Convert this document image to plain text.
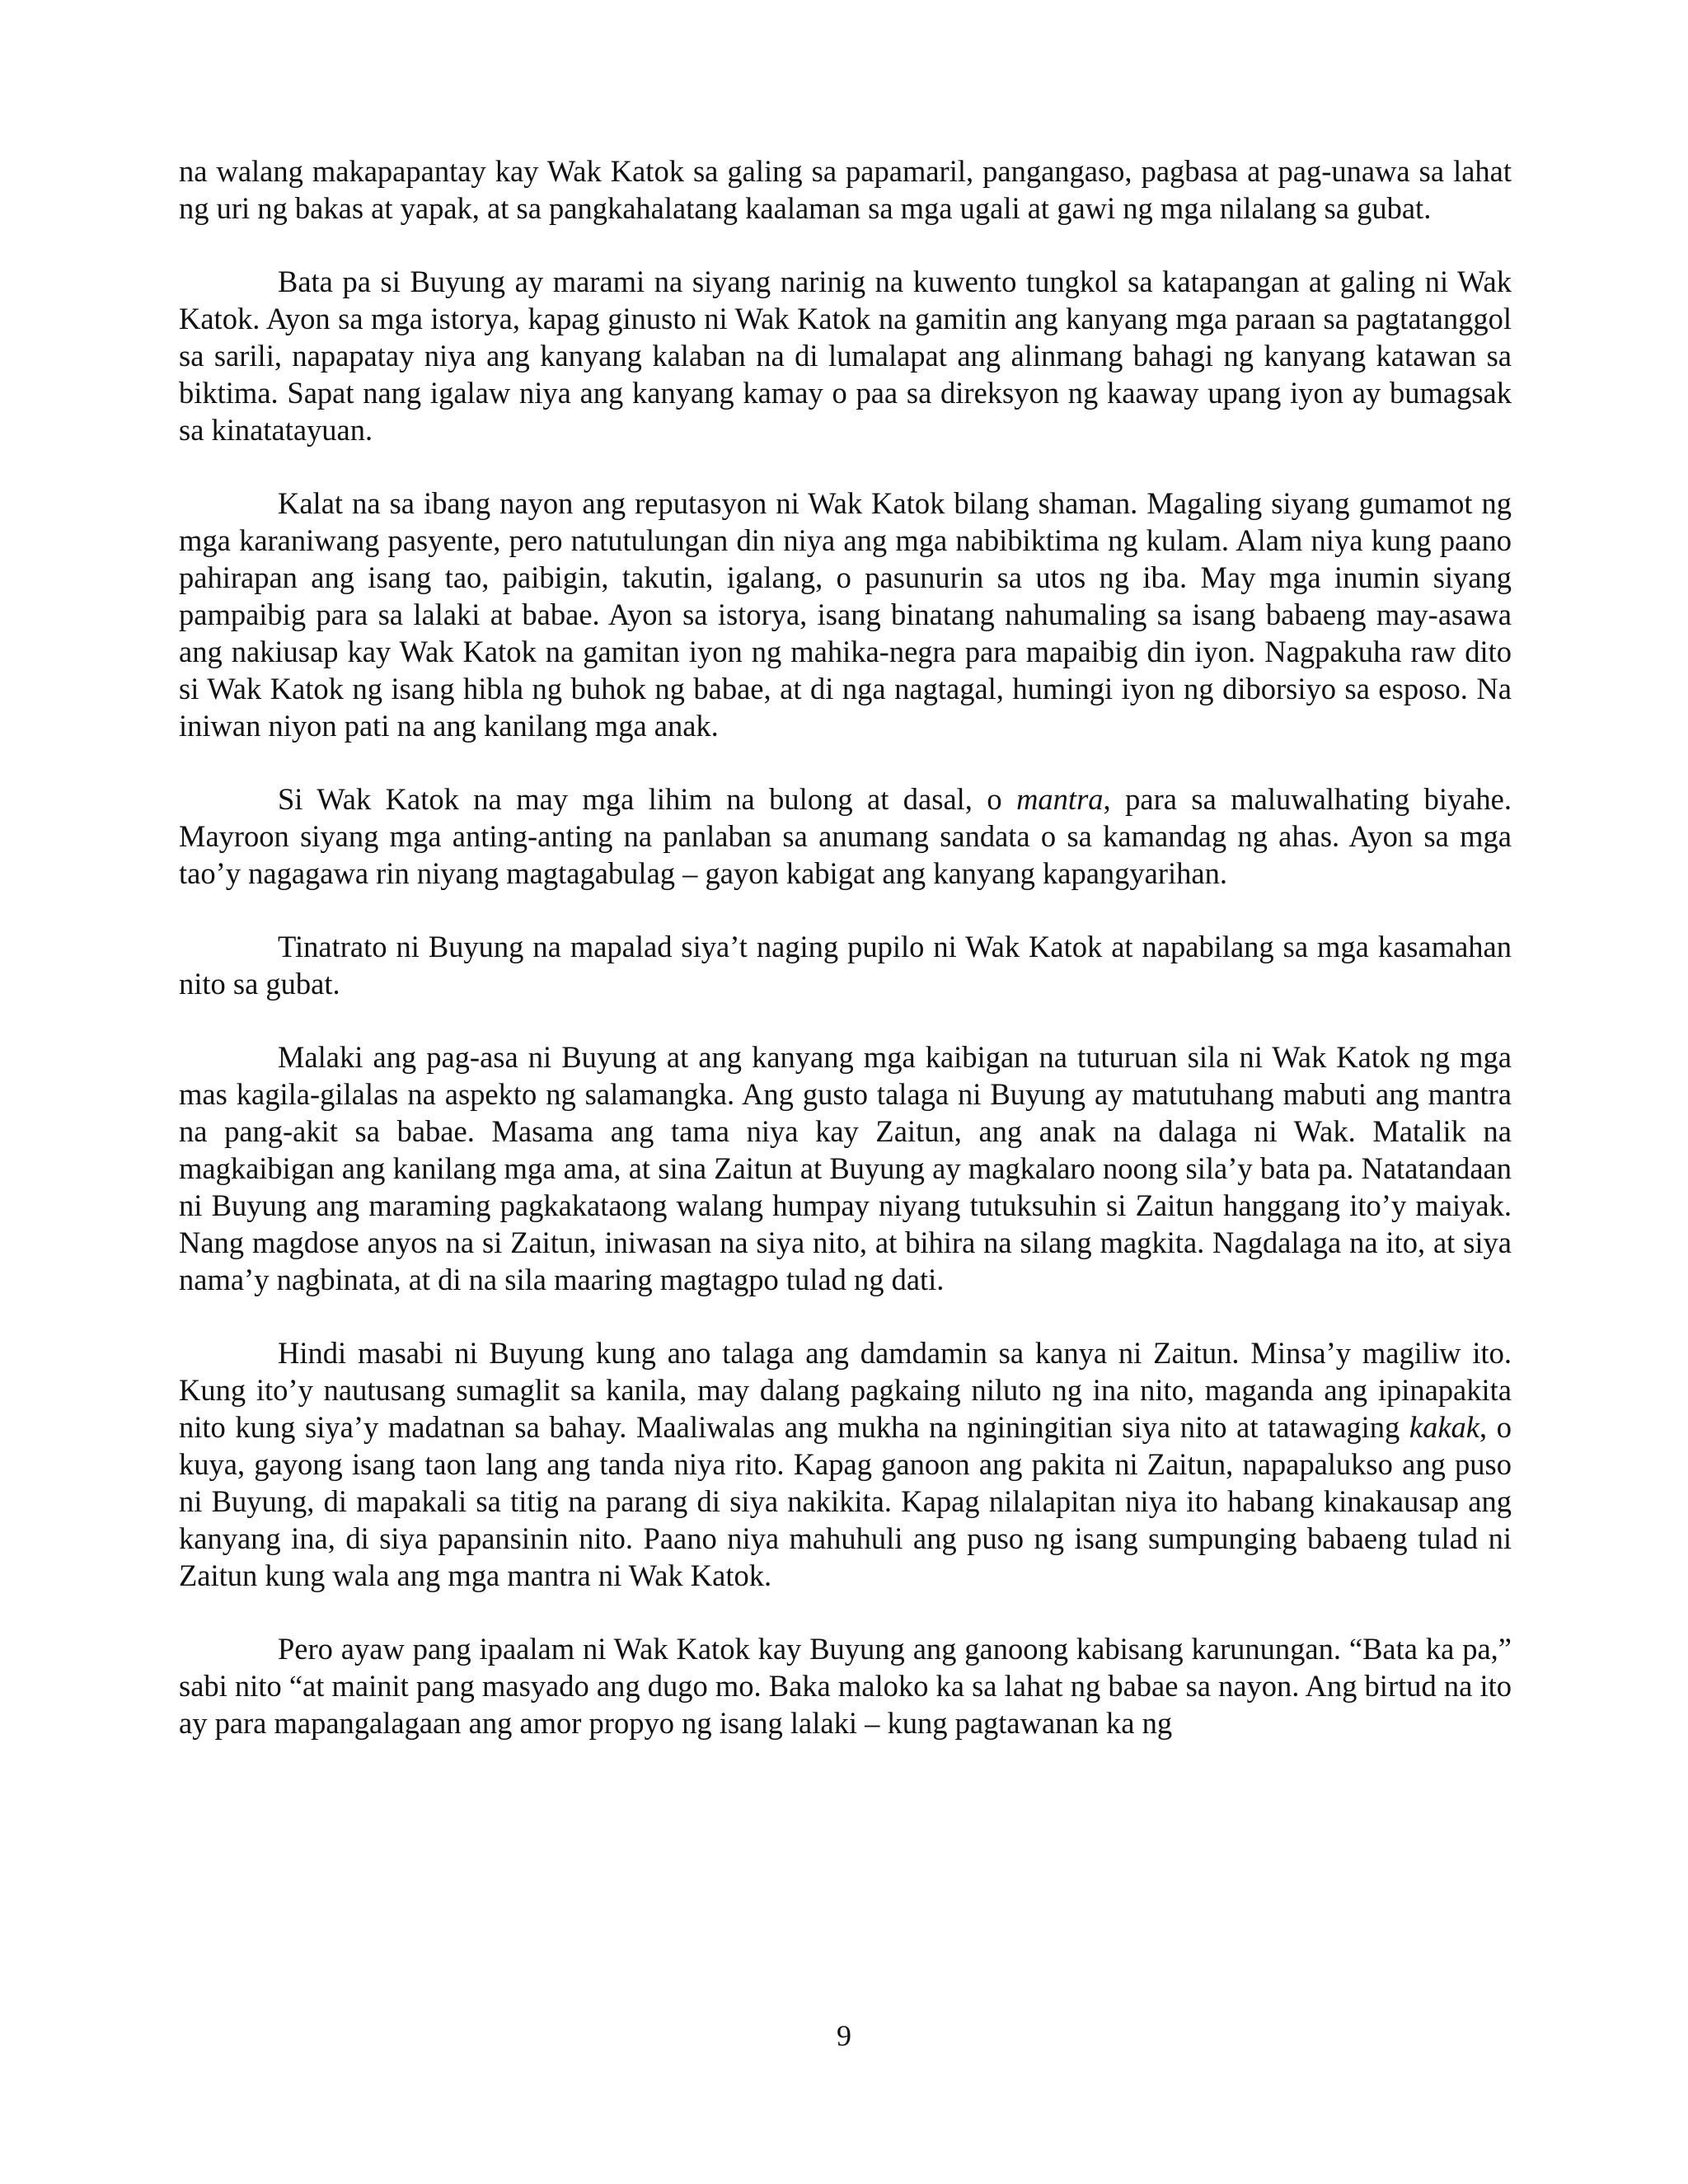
na walang makapapantay kay Wak Katok sa galing sa papamaril, pangangaso, pagbasa at pag-unawa sa lahat ng uri ng bakas at yapak, at sa pangkahalatang kaalaman sa mga ugali at gawi ng mga nilalang sa gubat.

Bata pa si Buyung ay marami na siyang narinig na kuwento tungkol sa katapangan at galing ni Wak Katok. Ayon sa mga istorya, kapag ginusto ni Wak Katok na gamitin ang kanyang mga paraan sa pagtatanggol sa sarili, napapatay niya ang kanyang kalaban na di lumalapat ang alinmang bahagi ng kanyang katawan sa biktima. Sapat nang igalaw niya ang kanyang kamay o paa sa direksyon ng kaaway upang iyon ay bumagsak sa kinatatayuan.

Kalat na sa ibang nayon ang reputasyon ni Wak Katok bilang shaman. Magaling siyang gumamot ng mga karaniwang pasyente, pero natutulungan din niya ang mga nabibiktima ng kulam. Alam niya kung paano pahirapan ang isang tao, paibigin, takutin, igalang, o pasunurin sa utos ng iba. May mga inumin siyang pampaibig para sa lalaki at babae. Ayon sa istorya, isang binatang nahumaling sa isang babaeng may-asawa ang nakiusap kay Wak Katok na gamitan iyon ng mahika-negra para mapaibig din iyon. Nagpakuha raw dito si Wak Katok ng isang hibla ng buhok ng babae, at di nga nagtagal, humingi iyon ng diborsiyo sa esposo. Na iniwan niyon pati na ang kanilang mga anak.

Si Wak Katok na may mga lihim na bulong at dasal, o mantra, para sa maluwalhating biyahe. Mayroon siyang mga anting-anting na panlaban sa anumang sandata o sa kamandag ng ahas. Ayon sa mga tao’y nagagawa rin niyang magtagabulag – gayon kabigat ang kanyang kapangyarihan.

Tinatrato ni Buyung na mapalad siya’t naging pupilo ni Wak Katok at napabilang sa mga kasamahan nito sa gubat.

Malaki ang pag-asa ni Buyung at ang kanyang mga kaibigan na tuturuan sila ni Wak Katok ng mga mas kagila-gilalas na aspekto ng salamangka. Ang gusto talaga ni Buyung ay matutuhang mabuti ang mantra na pang-akit sa babae. Masama ang tama niya kay Zaitun, ang anak na dalaga ni Wak. Matalik na magkaibigan ang kanilang mga ama, at sina Zaitun at Buyung ay magkalaro noong sila’y bata pa. Natatandaan ni Buyung ang maraming pagkakataong walang humpay niyang tutuksuhin si Zaitun hanggang ito’y maiyak. Nang magdose anyos na si Zaitun, iniwasan na siya nito, at bihira na silang magkita. Nagdalaga na ito, at siya nama’y nagbinata, at di na sila maaring magtagpo tulad ng dati.

Hindi masabi ni Buyung kung ano talaga ang damdamin sa kanya ni Zaitun. Minsa’y magiliw ito. Kung ito’y nautusang sumaglit sa kanila, may dalang pagkaing niluto ng ina nito, maganda ang ipinapakita nito kung siya’y madatnan sa bahay. Maaliwalas ang mukha na nginingitian siya nito at tatawaging kakak, o kuya, gayong isang taon lang ang tanda niya rito. Kapag ganoon ang pakita ni Zaitun, napapalukso ang puso ni Buyung, di mapakali sa titig na parang di siya nakikita. Kapag nilalapitan niya ito habang kinakausap ang kanyang ina, di siya papansinin nito. Paano niya mahuhuli ang puso ng isang sumpunging babaeng tulad ni Zaitun kung wala ang mga mantra ni Wak Katok.

Pero ayaw pang ipaalam ni Wak Katok kay Buyung ang ganoong kabisang karunungan. “Bata ka pa,” sabi nito “at mainit pang masyado ang dugo mo. Baka maloko ka sa lahat ng babae sa nayon. Ang birtud na ito ay para mapangalagaan ang amor propyo ng isang lalaki – kung pagtawanan ka ng

9
